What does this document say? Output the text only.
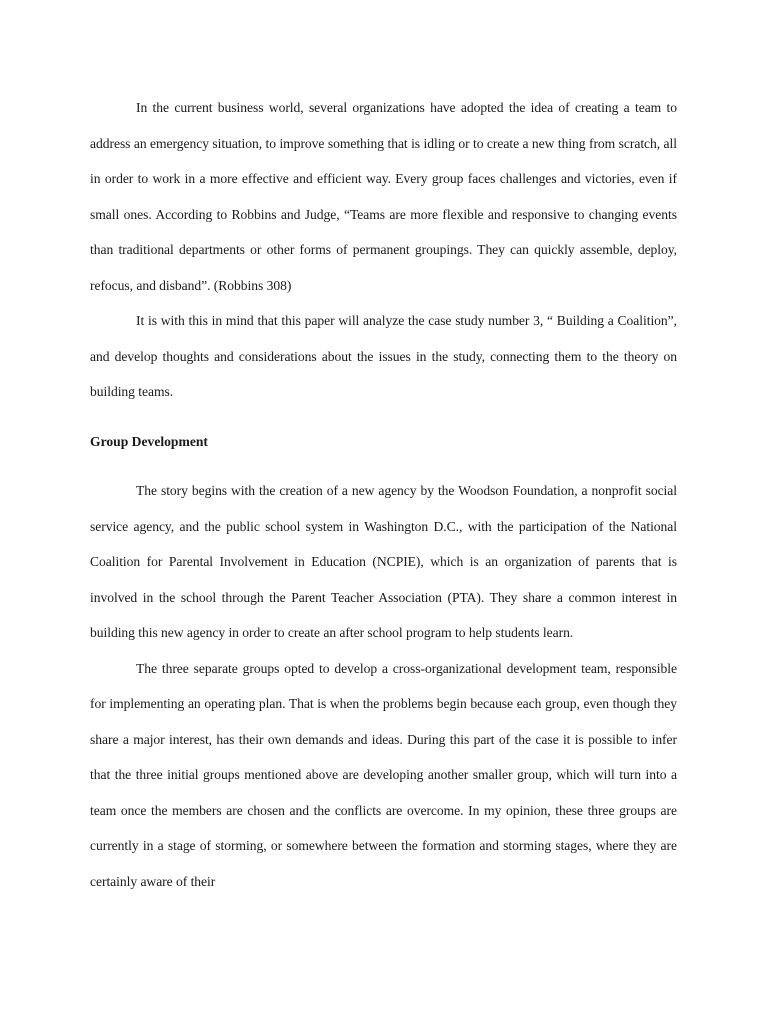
In the current business world, several organizations have adopted the idea of creating a team to address an emergency situation, to improve something that is idling or to create a new thing from scratch, all in order to work in a more effective and efficient way. Every group faces challenges and victories, even if small ones. According to Robbins and Judge, “Teams are more flexible and responsive to changing events than traditional departments or other forms of permanent groupings. They can quickly assemble, deploy, refocus, and disband”. (Robbins 308)

It is with this in mind that this paper will analyze the case study number 3, “ Building a Coalition”, and develop thoughts and considerations about the issues in the study, connecting them to the theory on building teams.

Group Development

The story begins with the creation of a new agency by the Woodson Foundation, a nonprofit social service agency, and the public school system in Washington D.C., with the participation of the National Coalition for Parental Involvement in Education (NCPIE), which is an organization of parents that is involved in the school through the Parent Teacher Association (PTA). They share a common interest in building this new agency in order to create an after school program to help students learn.

The three separate groups opted to develop a cross-organizational development team, responsible for implementing an operating plan. That is when the problems begin because each group, even though they share a major interest, has their own demands and ideas. During this part of the case it is possible to infer that the three initial groups mentioned above are developing another smaller group, which will turn into a team once the members are chosen and the conflicts are overcome. In my opinion, these three groups are currently in a stage of storming, or somewhere between the formation and storming stages, where they are certainly aware of their
